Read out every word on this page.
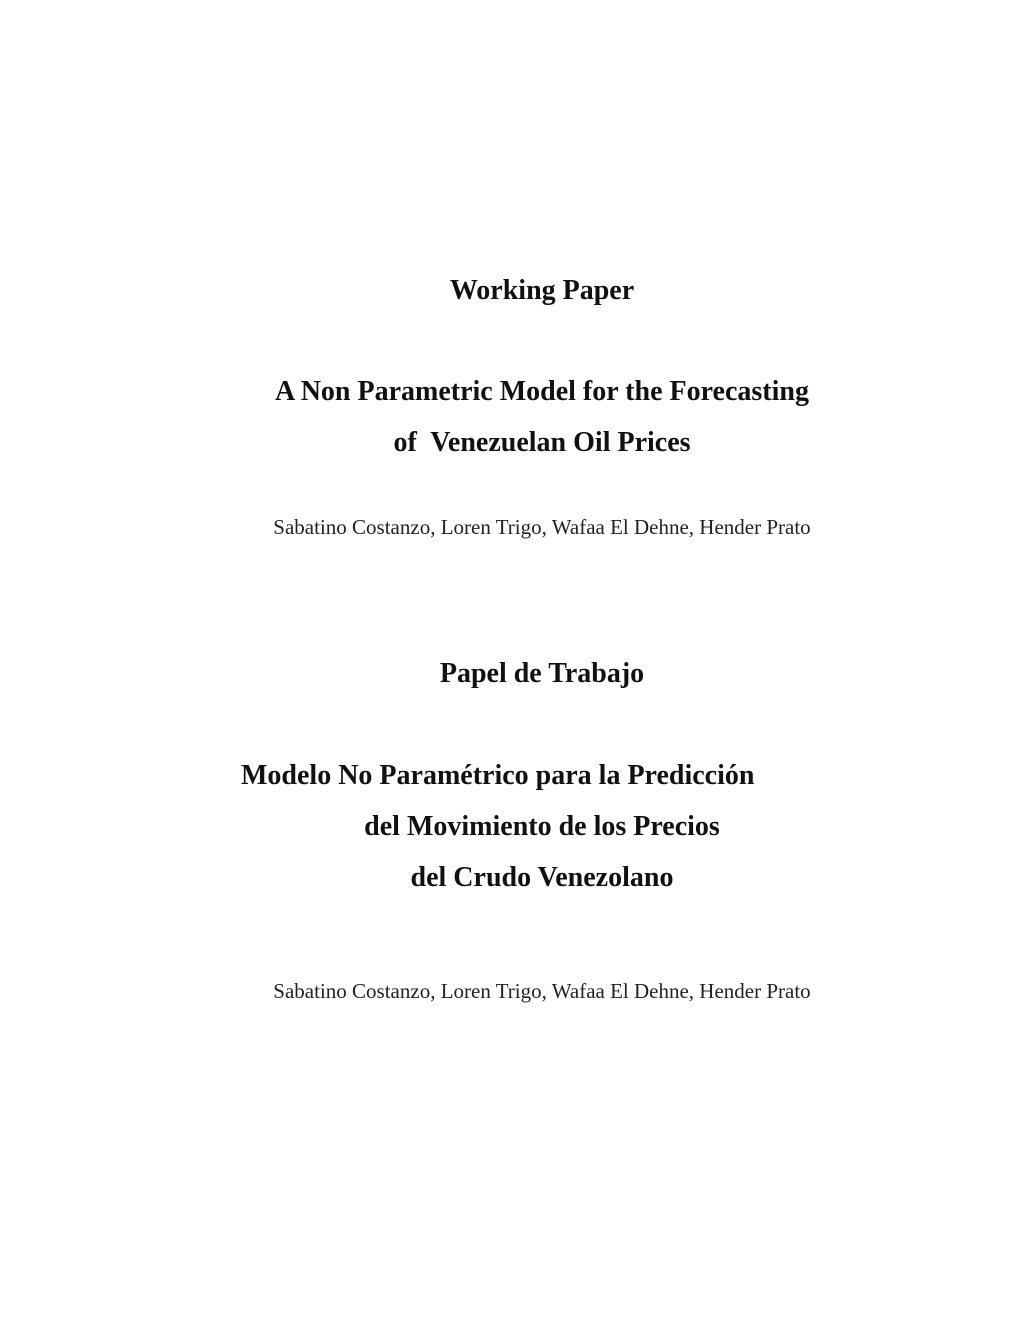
Working Paper

A Non Parametric Model for the Forecasting

of  Venezuelan Oil Prices

Sabatino Costanzo, Loren Trigo, Wafaa El Dehne, Hender Prato

Papel de Trabajo

Modelo No Paramétrico para la Predicción

del Movimiento de los Precios

del Crudo Venezolano

Sabatino Costanzo, Loren Trigo, Wafaa El Dehne, Hender Prato
